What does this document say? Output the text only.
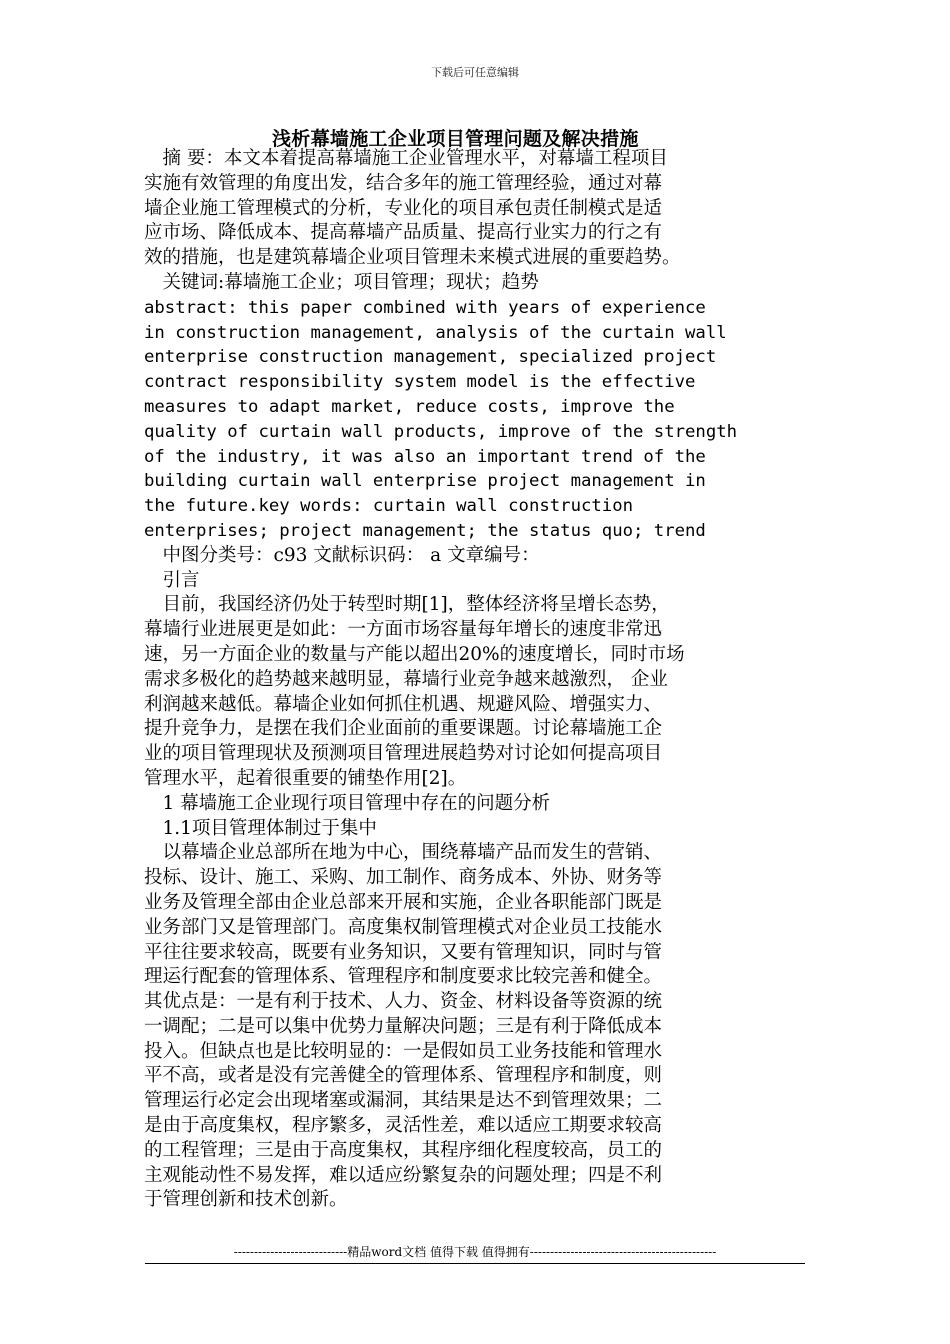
下载后可任意编辑
浅析幕墙施工企业项目管理问题及解决措施
　摘 要：本文本着提高幕墙施工企业管理水平，对幕墙工程项目
实施有效管理的角度出发，结合多年的施工管理经验，通过对幕
墙企业施工管理模式的分析，专业化的项目承包责任制模式是适
应市场、降低成本、提高幕墙产品质量、提高行业实力的行之有
效的措施，也是建筑幕墙企业项目管理未来模式进展的重要趋势。
　关键词:幕墙施工企业；项目管理；现状；趋势
abstract: this paper combined with years of experience
in construction management, analysis of the curtain wall
enterprise construction management, specialized project
contract responsibility system model is the effective
measures to adapt market, reduce costs, improve the
quality of curtain wall products, improve of the strength
of the industry, it was also an important trend of the
building curtain wall enterprise project management in
the future.key words: curtain wall construction
enterprises; project management; the status quo; trend
　中图分类号：c93 文献标识码： a 文章编号：
　引言
　目前，我国经济仍处于转型时期[1]，整体经济将呈增长态势，
幕墙行业进展更是如此：一方面市场容量每年增长的速度非常迅
速，另一方面企业的数量与产能以超出20%的速度增长，同时市场
需求多极化的趋势越来越明显，幕墙行业竞争越来越激烈， 企业
利润越来越低。幕墙企业如何抓住机遇、规避风险、增强实力、
提升竞争力，是摆在我们企业面前的重要课题。讨论幕墙施工企
业的项目管理现状及预测项目管理进展趋势对讨论如何提高项目
管理水平，起着很重要的铺垫作用[2]。
　1 幕墙施工企业现行项目管理中存在的问题分析
　1.1项目管理体制过于集中
　以幕墙企业总部所在地为中心，围绕幕墙产品而发生的营销、
投标、设计、施工、采购、加工制作、商务成本、外协、财务等
业务及管理全部由企业总部来开展和实施，企业各职能部门既是
业务部门又是管理部门。高度集权制管理模式对企业员工技能水
平往往要求较高，既要有业务知识，又要有管理知识，同时与管
理运行配套的管理体系、管理程序和制度要求比较完善和健全。
其优点是：一是有利于技术、人力、资金、材料设备等资源的统
一调配；二是可以集中优势力量解决问题；三是有利于降低成本
投入。但缺点也是比较明显的：一是假如员工业务技能和管理水
平不高，或者是没有完善健全的管理体系、管理程序和制度，则
管理运行必定会出现堵塞或漏洞，其结果是达不到管理效果；二
是由于高度集权，程序繁多，灵活性差，难以适应工期要求较高
的工程管理；三是由于高度集权，其程序细化程度较高，员工的
主观能动性不易发挥，难以适应纷繁复杂的问题处理；四是不利
于管理创新和技术创新。
----------------------------精品word文档 值得下载 值得拥有----------------------------------------------
